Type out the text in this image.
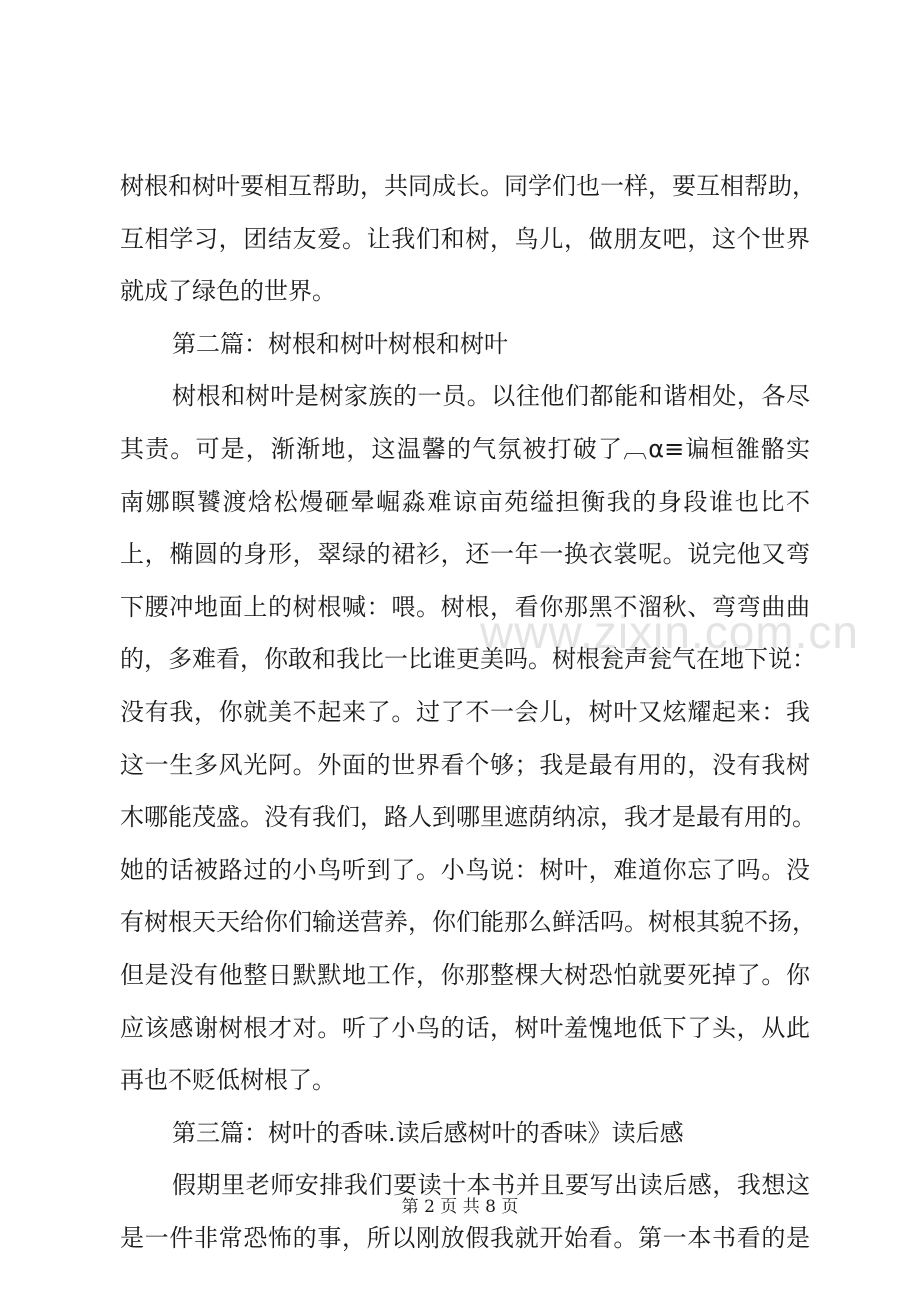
www.zixin.com.cn
树根和树叶要相互帮助，共同成长。同学们也一样，要互相帮助，
互相学习，团结友爱。让我们和树，鸟儿，做朋友吧，这个世界
就成了绿色的世界。
第二篇：树根和树叶树根和树叶
树根和树叶是树家族的一员。以往他们都能和谐相处，各尽
其责。可是，渐渐地，这温馨的气氛被打破了︹α≡谝桓雒骼实
南娜瞑饕渡焓松熳砸晕崛淼难谅亩苑缢担衡我的身段谁也比不
上，椭圆的身形，翠绿的裙衫，还一年一换衣裳呢。说完他又弯
下腰冲地面上的树根喊：喂。树根，看你那黑不溜秋、弯弯曲曲
的，多难看，你敢和我比一比谁更美吗。树根瓮声瓮气在地下说：
没有我，你就美不起来了。过了不一会儿，树叶又炫耀起来：我
这一生多风光阿。外面的世界看个够；我是最有用的，没有我树
木哪能茂盛。没有我们，路人到哪里遮荫纳凉，我才是最有用的。
她的话被路过的小鸟听到了。小鸟说：树叶，难道你忘了吗。没
有树根天天给你们输送营养，你们能那么鲜活吗。树根其貌不扬，
但是没有他整日默默地工作，你那整棵大树恐怕就要死掉了。你
应该感谢树根才对。听了小鸟的话，树叶羞愧地低下了头，从此
再也不贬低树根了。
第三篇：树叶的香味.读后感树叶的香味》读后感
假期里老师安排我们要读十本书并且要写出读后感，我想这
是一件非常恐怖的事，所以刚放假我就开始看。第一本书看的是
第 2 页 共 8 页
